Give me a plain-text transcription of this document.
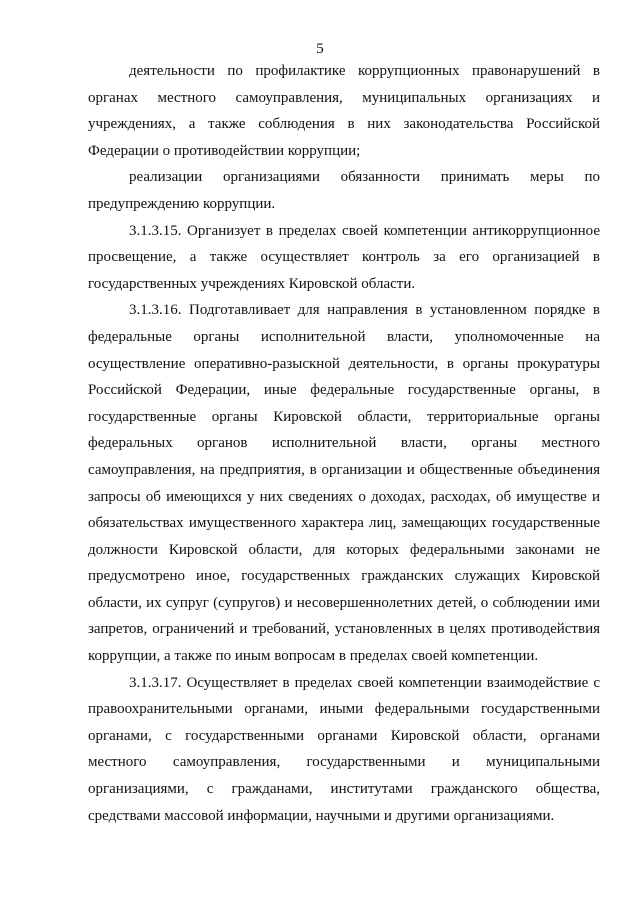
5

деятельности по профилактике коррупционных правонарушений в органах местного самоуправления, муниципальных организациях и учреждениях, а также соблюдения в них законодательства Российской Федерации о противодействии коррупции;

реализации организациями обязанности принимать меры по предупреждению коррупции.

3.1.3.15. Организует в пределах своей компетенции антикоррупционное просвещение, а также осуществляет контроль за его организацией в государственных учреждениях Кировской области.

3.1.3.16. Подготавливает для направления в установленном порядке в федеральные органы исполнительной власти, уполномоченные на осуществление оперативно-разыскной деятельности, в органы прокуратуры Российской Федерации, иные федеральные государственные органы, в государственные органы Кировской области, территориальные органы федеральных органов исполнительной власти, органы местного самоуправления, на предприятия, в организации и общественные объединения запросы об имеющихся у них сведениях о доходах, расходах, об имуществе и обязательствах имущественного характера лиц, замещающих государственные должности Кировской области, для которых федеральными законами не предусмотрено иное, государственных гражданских служащих Кировской области, их супруг (супругов) и несовершеннолетних детей, о соблюдении ими запретов, ограничений и требований, установленных в целях противодействия коррупции, а также по иным вопросам в пределах своей компетенции.

3.1.3.17. Осуществляет в пределах своей компетенции взаимодействие с правоохранительными органами, иными федеральными государственными органами, с государственными органами Кировской области, органами местного самоуправления, государственными и муниципальными организациями, с гражданами, институтами гражданского общества, средствами массовой информации, научными и другими организациями.
